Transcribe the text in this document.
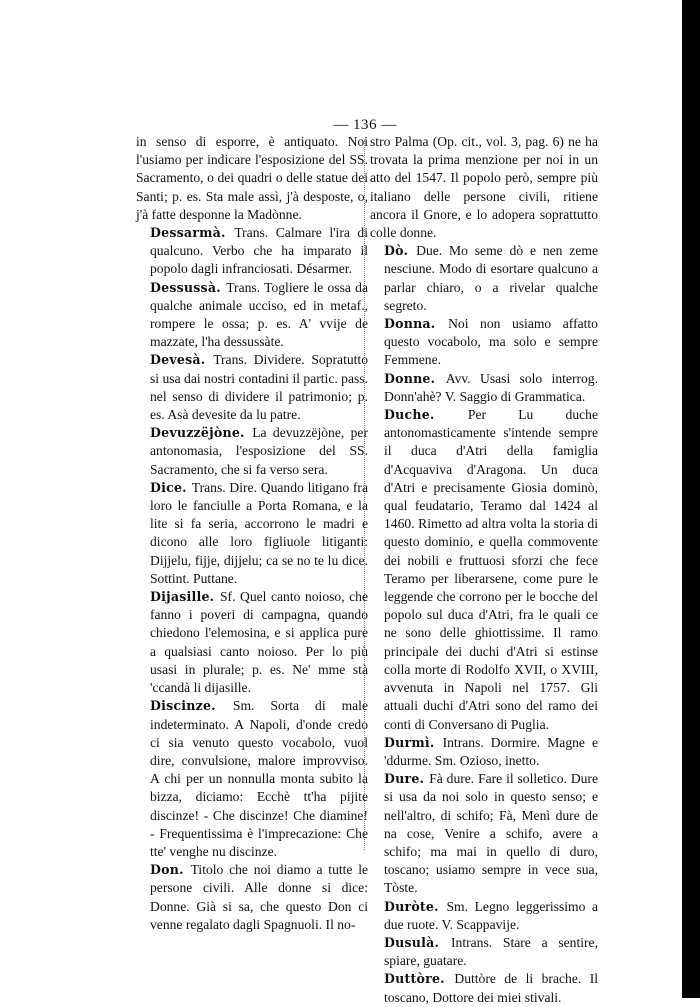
— 136 —

in senso di esporre, è antiquato. Noi l'usiamo per indicare l'esposizione del SS. Sacramento, o dei quadri o delle statue dei Santi; p. es. Sta male assì, j'à desposte, o, j'à fatte desponne la Madònne.

Dessarmà. Trans. Calmare l'ira di qualcuno. Verbo che ha imparato il popolo dagli infranciosati. Désarmer.

Dessussà. Trans. Togliere le ossa da qualche animale ucciso, ed in metaf., rompere le ossa; p. es. A' vvije de mazzate, l'ha dessussàte.

Devesà. Trans. Dividere. Sopratutto si usa dai nostri contadini il partic. pass. nel senso di dividere il patrimonio; p. es. Asà devesite da lu patre.

Devuzzëjòne. La devuzzëjòne, per antonomasia, l'esposizione del SS. Sacramento, che si fa verso sera.

Dice. Trans. Dire. Quando litigano fra loro le fanciulle a Porta Romana, e la lite si fa seria, accorrono le madri e dicono alle loro figliuole litiganti: Dijjelu, fijje, dijjelu; ca se no te lu dice. Sottint. Puttane.

Dijasille. Sf. Quel canto noioso, che fanno i poveri di campagna, quando chiedono l'elemosina, e si applica pure a qualsiasi canto noioso. Per lo più usasi in plurale; p. es. Ne' mme stà 'ccandà li dijasille.

Discinze. Sm. Sorta di male indeterminato. A Napoli, d'onde credo ci sia venuto questo vocabolo, vuol dire, convulsione, malore improvviso. A chi per un nonnulla monta subito la bizza, diciamo: Ecchè tt'ha pijite discinze! - Che discinze! Che diamine! - Frequentissima è l'imprecazione: Che tte' venghe nu discinze.

Don. Titolo che noi diamo a tutte le persone civili. Alle donne si dice: Donne. Già si sa, che questo Don ci venne regalato dagli Spagnuoli. Il no-

stro Palma (Op. cit., vol. 3, pag. 6) ne ha trovata la prima menzione per noi in un atto del 1547. Il popolo però, sempre più italiano delle persone civili, ritiene ancora il Gnore, e lo adopera soprattutto colle donne.

Dò. Due. Mo seme dò e nen zeme nesciune. Modo di esortare qualcuno a parlar chiaro, o a rivelar qualche segreto.

Donna. Noi non usiamo affatto questo vocabolo, ma solo e sempre Femmene.

Donne. Avv. Usasi solo interrog. Donn'ahè? V. Saggio di Grammatica.

Duche. Per Lu duche antonomasticamente s'intende sempre il duca d'Atri della famiglia d'Acquaviva d'Aragona. Un duca d'Atri e precisamente Giosia dominò, qual feudatario, Teramo dal 1424 al 1460. Rimetto ad altra volta la storia di questo dominio, e quella commovente dei nobili e fruttuosi sforzi che fece Teramo per liberarsene, come pure le leggende che corrono per le bocche del popolo sul duca d'Atri, fra le quali ce ne sono delle ghiottissime. Il ramo principale dei duchi d'Atri si estinse colla morte di Rodolfo XVII, o XVIII, avvenuta in Napoli nel 1757. Gli attuali duchi d'Atri sono del ramo dei conti di Conversano di Puglia.

Durmì. Intrans. Dormire. Magne e 'ddurme. Sm. Ozioso, inetto.

Dure. Fà dure. Fare il solletico. Dure si usa da noi solo in questo senso; e nell'altro, di schifo; Fà, Menì dure de na cose, Venire a schifo, avere a schifo; ma mai in quello di duro, toscano; usiamo sempre in vece sua, Tòste.

Duròte. Sm. Legno leggerissimo a due ruote. V. Scappavije.

Dusulà. Intrans. Stare a sentire, spiare, guatare.

Duttòre. Duttòre de li brache. Il toscano, Dottore dei miei stivali.
